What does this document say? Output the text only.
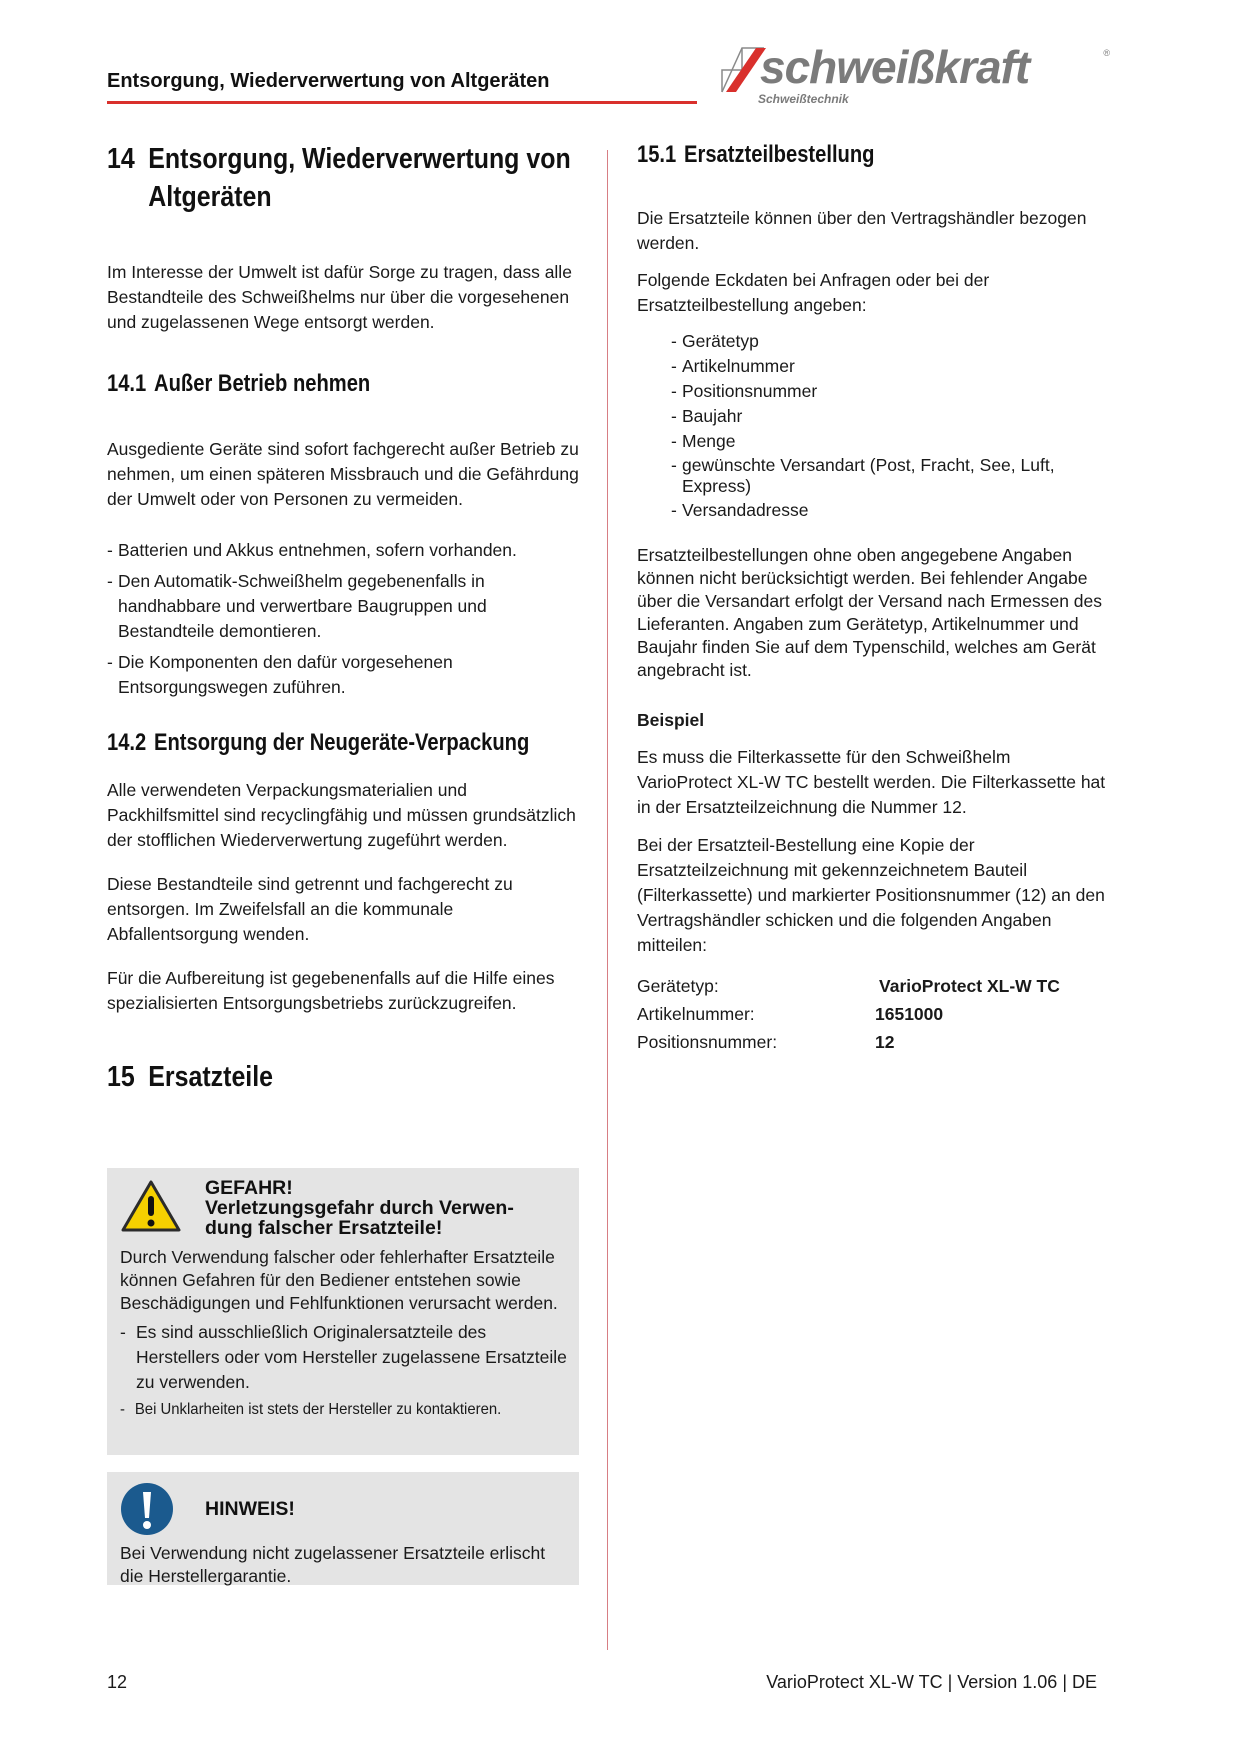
Entsorgung, Wiederverwertung von Altgeräten	schweißkraft
Schweißtechnik
®
14 Entsorgung, Wiederverwertung von
Altgeräten

Im Interesse der Umwelt ist dafür Sorge zu tragen, dass alle Bestandteile des Schweißhelms nur über die vorgesehenen und zugelassenen Wege entsorgt werden.

14.1 Außer Betrieb nehmen

Ausgediente Geräte sind sofort fachgerecht außer Betrieb zu nehmen, um einen späteren Missbrauch und die Gefährdung der Umwelt oder von Personen zu vermeiden.

- Batterien und Akkus entnehmen, sofern vorhanden.
- Den Automatik-Schweißhelm gegebenenfalls in handhabbare und verwertbare Baugruppen und Bestandteile demontieren.
- Die Komponenten den dafür vorgesehenen Entsorgungswegen zuführen.
14.2 Entsorgung der Neugeräte-Verpackung

Alle verwendeten Verpackungsmaterialien und Packhilfsmittel sind recyclingfähig und müssen grundsätzlich der stofflichen Wiederverwertung zugeführt werden.

Diese Bestandteile sind getrennt und fachgerecht zu entsorgen. Im Zweifelsfall an die kommunale Abfallentsorgung wenden.

Für die Aufbereitung ist gegebenenfalls auf die Hilfe eines spezialisierten Entsorgungsbetriebs zurückzugreifen.

15 Ersatzteile
GEFAHR!
Verletzungsgefahr durch Verwen-
dung falscher Ersatzteile!

Durch Verwendung falscher oder fehlerhafter Ersatzteile können Gefahren für den Bediener entstehen sowie Beschädigungen und Fehlfunktionen verursacht werden.

- Es sind ausschließlich Originalersatzteile des Herstellers oder vom Hersteller zugelassene Ersatzteile zu verwenden.
- Bei Unklarheiten ist stets der Hersteller zu kontaktieren.
HINWEIS!
Bei Verwendung nicht zugelassener Ersatzteile erlischt die Herstellergarantie.
15.1 Ersatzteilbestellung

Die Ersatzteile können über den Vertragshändler bezogen werden.

Folgende Eckdaten bei Anfragen oder bei der Ersatzteilbestellung angeben:

- Gerätetyp
- Artikelnummer
- Positionsnummer
- Baujahr
- Menge
- gewünschte Versandart (Post, Fracht, See, Luft, Express)
- Versandadresse

Ersatzteilbestellungen ohne oben angegebene Angaben können nicht berücksichtigt werden. Bei fehlender Angabe über die Versandart erfolgt der Versand nach Ermessen des Lieferanten. Angaben zum Gerätetyp, Artikelnummer und Baujahr finden Sie auf dem Typenschild, welches am Gerät angebracht ist.

Beispiel

Es muss die Filterkassette für den Schweißhelm VarioProtect XL-W TC bestellt werden. Die Filterkassette hat in der Ersatzteilzeichnung die Nummer 12.

Bei der Ersatzteil-Bestellung eine Kopie der Ersatzteilzeichnung mit gekennzeichnetem Bauteil (Filterkassette) und markierter Positionsnummer (12) an den Vertragshändler schicken und die folgenden Angaben mitteilen:

Gerätetyp:	VarioProtect XL-W TC
Artikelnummer:	1651000
Positionsnummer:	12
12	VarioProtect XL-W TC | Version 1.06 | DE
